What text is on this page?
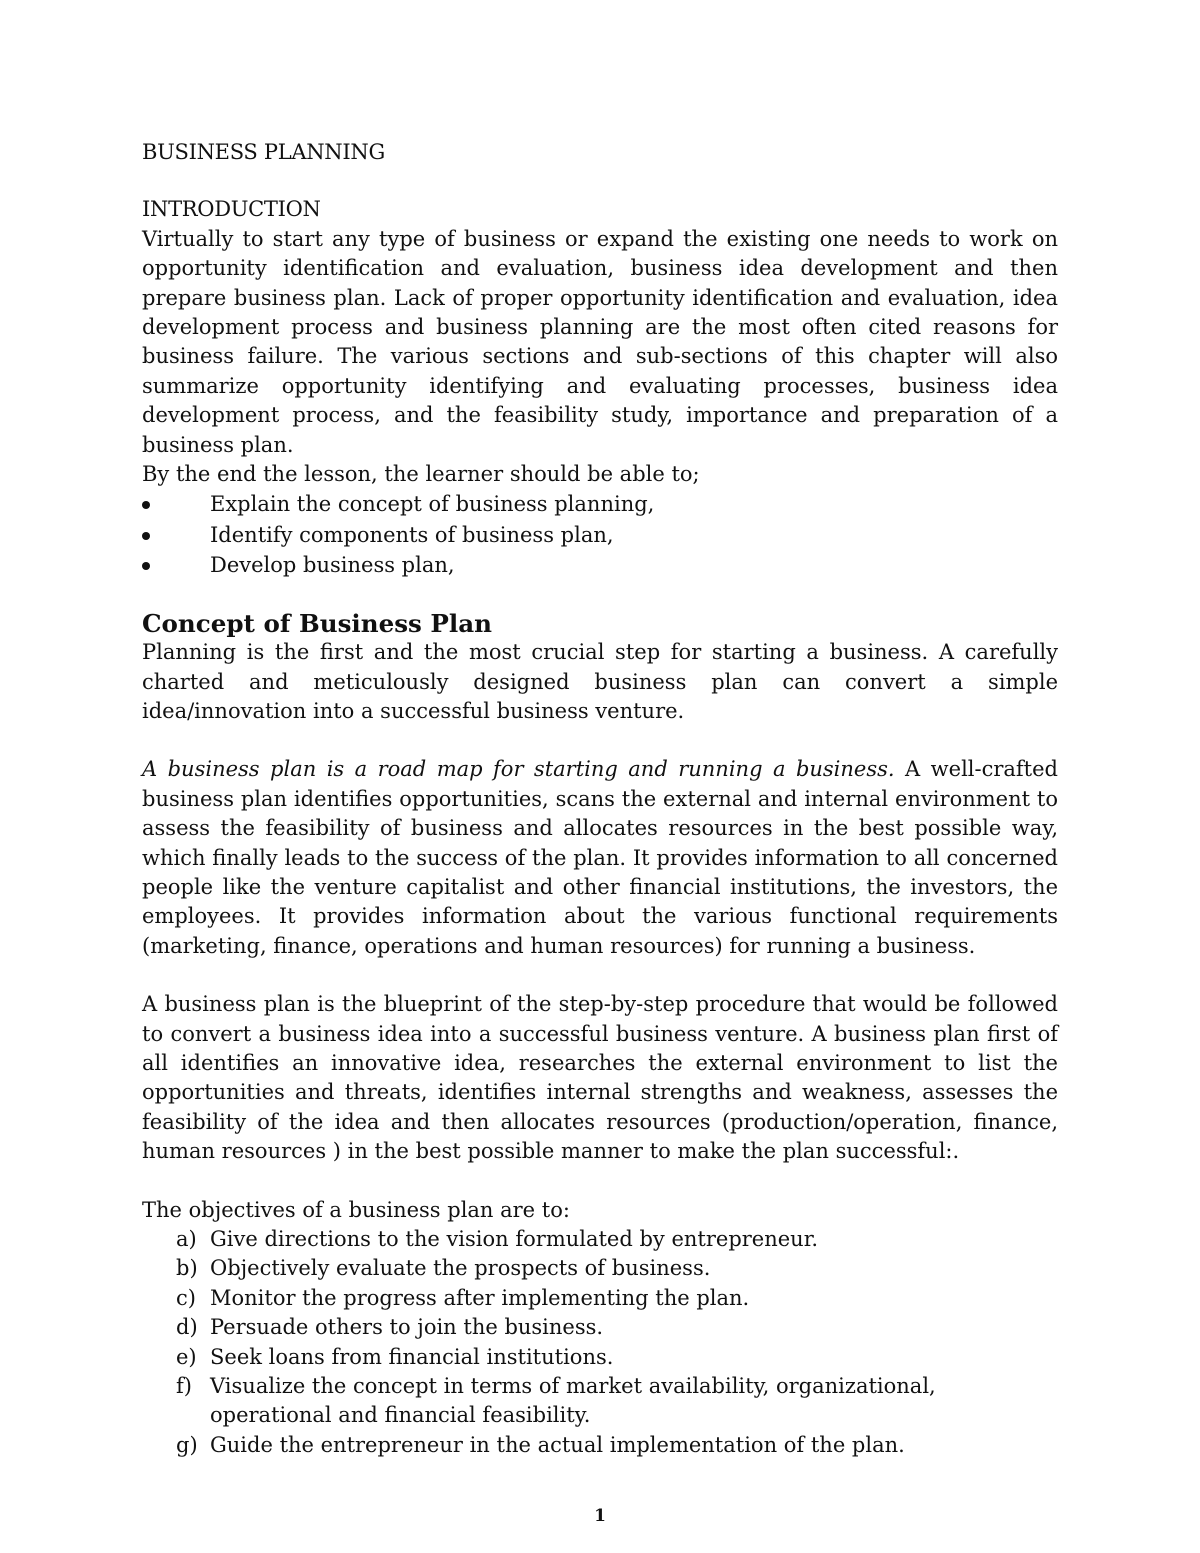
BUSINESS PLANNING
INTRODUCTION

Virtually to start any type of business or expand the existing one needs to work on opportunity identification and evaluation, business idea development and then prepare business plan. Lack of proper opportunity identification and evaluation, idea development process and business planning are the most often cited reasons for business failure. The various sections and sub-sections of this chapter will also summarize opportunity identifying and evaluating processes, business idea development process, and the feasibility study, importance and preparation of a business plan.

By the end the lesson, the learner should be able to;

Explain the concept of business planning,
Identify components of business plan,
Develop business plan,
Concept of Business Plan

Planning is the first and the most crucial step for starting a business. A carefully charted and meticulously designed business plan can convert a simple idea/innovation into a successful business venture.

A business plan is a road map for starting and running a business. A well-crafted business plan identifies opportunities, scans the external and internal environment to assess the feasibility of business and allocates resources in the best possible way, which finally leads to the success of the plan. It provides information to all concerned people like the venture capitalist and other financial institutions, the investors, the employees. It provides information about the various functional requirements (marketing, finance, operations and human resources) for running a business.

A business plan is the blueprint of the step-by-step procedure that would be followed to convert a business idea into a successful business venture. A business plan first of all identifies an innovative idea, researches the external environment to list the opportunities and threats, identifies internal strengths and weakness, assesses the feasibility of the idea and then allocates resources (production/operation, finance, human resources ) in the best possible manner to make the plan successful:.

The objectives of a business plan are to:

a) Give directions to the vision formulated by entrepreneur.
b) Objectively evaluate the prospects of business.
c) Monitor the progress after implementing the plan.
d) Persuade others to join the business.
e) Seek loans from financial institutions.
f) Visualize the concept in terms of market availability, organizational, operational and financial feasibility.
g) Guide the entrepreneur in the actual implementation of the plan.
1
